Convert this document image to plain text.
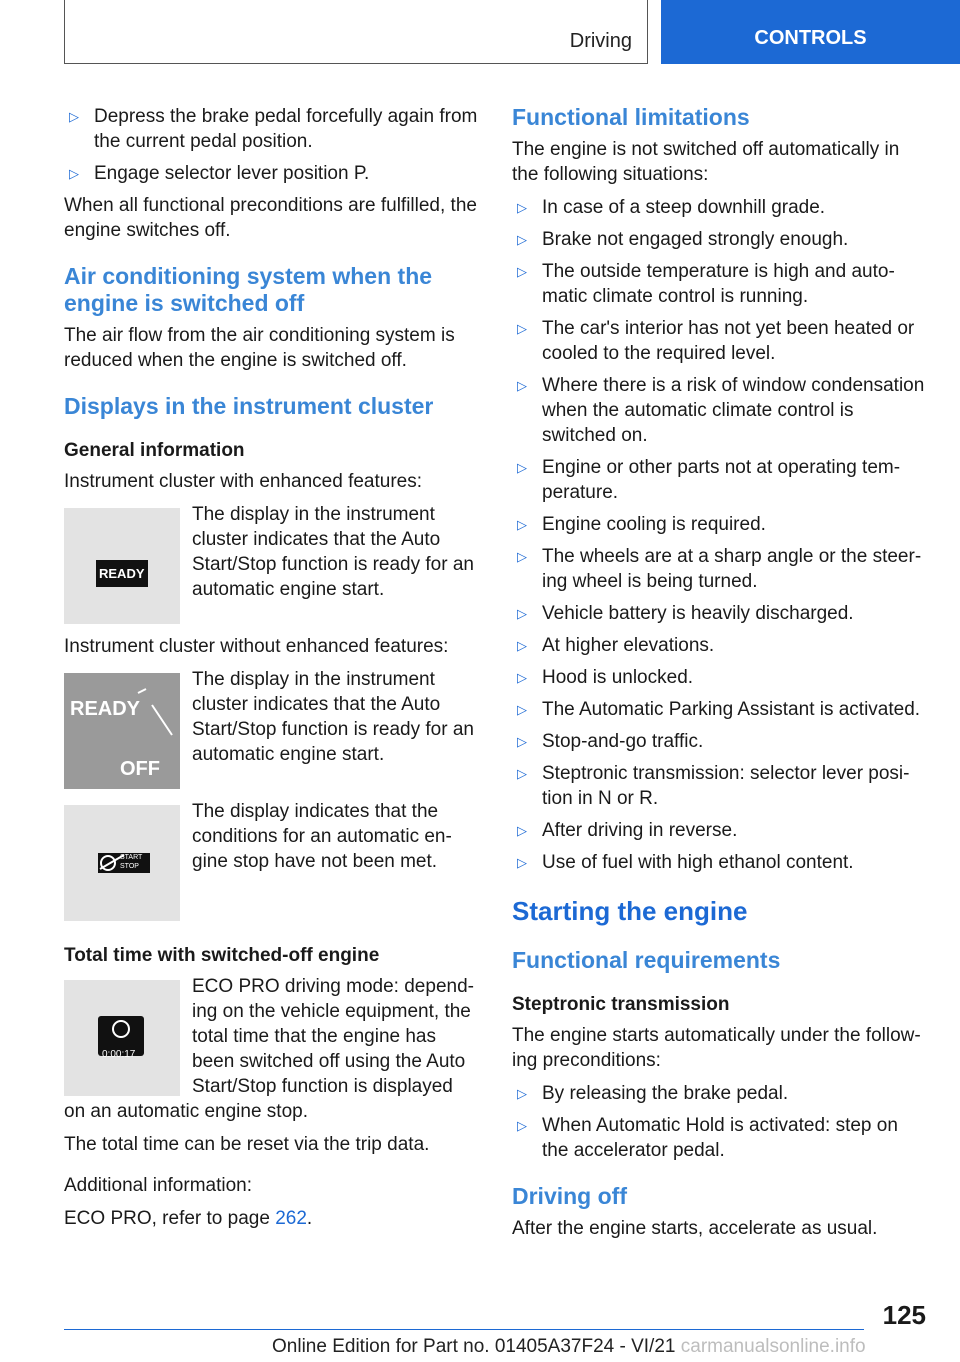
Driving	CONTROLS
▷ Depress the brake pedal forcefully again from the current pedal position.
▷ Engage selector lever position P.

When all functional preconditions are fulfilled, the engine switches off.

Air conditioning system when the engine is switched off

The air flow from the air conditioning system is reduced when the engine is switched off.

Displays in the instrument cluster
General information

Instrument cluster with enhanced features:

READY
The display in the instrument cluster indicates that the Auto Start/Stop function is ready for an automatic engine start.

Instrument cluster without enhanced features:

READY
OFF
The display in the instrument cluster indicates that the Auto Start/Stop function is ready for an automatic engine start.
START STOP
The display indicates that the conditions for an automatic engine stop have not been met.
Total time with switched-off engine
0:00:17
ECO PRO driving mode: depending on the vehicle equipment, the total time that the engine has been switched off using the Auto Start/Stop function is displayed

on an automatic engine stop.

The total time can be reset via the trip data.

Additional information:

ECO PRO, refer to page 262.

Functional limitations

The engine is not switched off automatically in the following situations:

▷ In case of a steep downhill grade.
▷ Brake not engaged strongly enough.
▷ The outside temperature is high and automatic climate control is running.
▷ The car's interior has not yet been heated or cooled to the required level.
▷ Where there is a risk of window condensation when the automatic climate control is switched on.
▷ Engine or other parts not at operating temperature.
▷ Engine cooling is required.
▷ The wheels are at a sharp angle or the steering wheel is being turned.
▷ Vehicle battery is heavily discharged.
▷ At higher elevations.
▷ Hood is unlocked.
▷ The Automatic Parking Assistant is activated.
▷ Stop-and-go traffic.
▷ Steptronic transmission: selector lever position in N or R.
▷ After driving in reverse.
▷ Use of fuel with high ethanol content.
Starting the engine
Functional requirements
Steptronic transmission

The engine starts automatically under the following preconditions:

▷ By releasing the brake pedal.
▷ When Automatic Hold is activated: step on the accelerator pedal.
Driving off

After the engine starts, accelerate as usual.

125
Online Edition for Part no. 01405A37F24 - VI/21 carmanualsonline.info
